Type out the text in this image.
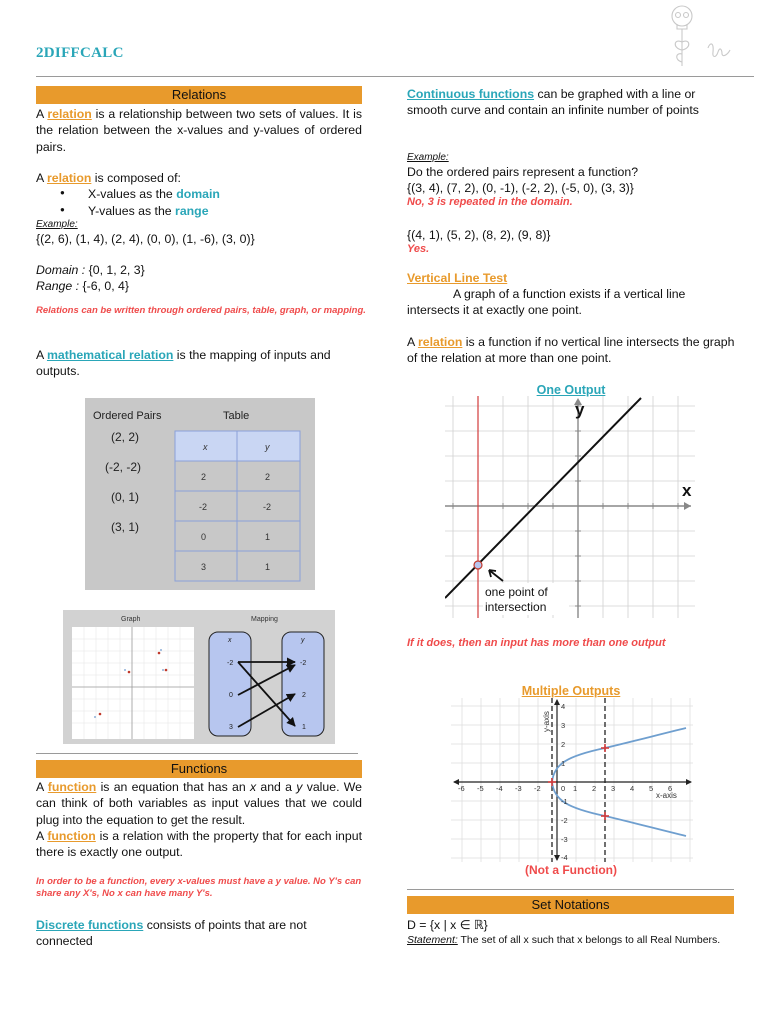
2DIFFCALC
Relations
A relation is a relationship between two sets of values. It is the relation between the x-values and y-values of ordered pairs.

A relation is composed of:

● X-values as the domain
● Y-values as the range
Example:
{(2, 6), (1, 4), (2, 4), (0, 0), (1, -6), (3, 0)}
Domain : {0, 1, 2, 3}
Range : {-6, 0, 4}
Relations can be written through ordered pairs, table, graph, or mapping.
A mathematical relation is the mapping of inputs and outputs.
Ordered Pairs	Table
(2, 2)
(-2, -2)
(0, 1)
(3, 1)
x	y
2	2
-2	-2
0	1
3	1
Graph	Mapping
x	y
-2
0
3
-2
2
1
Functions
A function is an equation that has an x and a y value. We can think of both variables as input values that we could plug into the equation to get the result.
A function is a relation with the property that for each input there is exactly one output.
In order to be a function, every x-values must have a y value. No Y's can share any X's, No x can have many Y's.
Discrete functions consists of points that are not connected
Continuous functions can be graphed with a line or smooth curve and contain an infinite number of points
Example:
Do the ordered pairs represent a function?
{(3, 4), (7, 2), (0, -1), (-2, 2), (-5, 0), (3, 3)}
No, 3 is repeated in the domain.
{(4, 1), (5, 2), (8, 2), (9, 8)}
Yes.
Vertical Line Test
A graph of a function exists if a vertical line intersects it at exactly one point.
A relation is a function if no vertical line intersects the graph of the relation at more than one point.
One Output
y
x
one point of
intersection
If it does, then an input has more than one output
Multiple Outputs
-6 -5 -4 -3 -2	0 1 2 3 4 5 6
4
3
2
1
-1
-2
-3
-4
x-axis
y-axis
(Not a Function)
Set Notations
D = {x | x ∈ ℝ}
Statement: The set of all x such that x belongs to all Real Numbers.
